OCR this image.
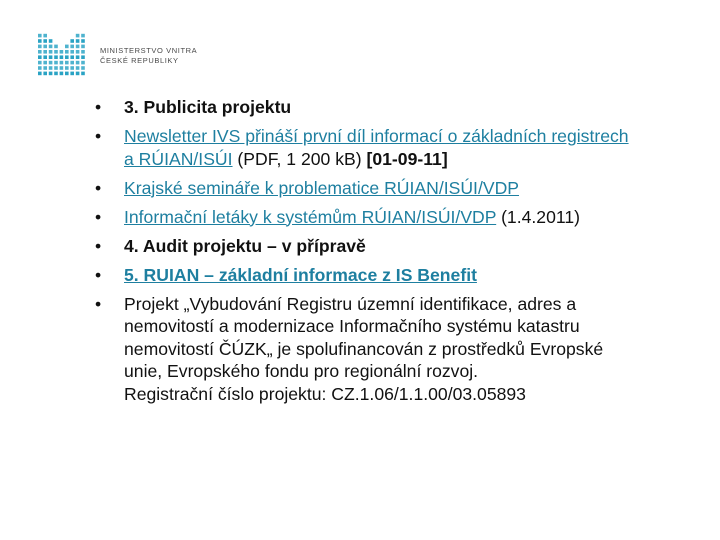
MINISTERSTVO VNITRA
ČESKÉ REPUBLIKY
• 3. Publicita projektu
• Newsletter IVS přináší první díl informací o základních registrech a RÚIAN/ISÚI (PDF, 1 200 kB) [01-09-11]
• Krajské semináře k problematice RÚIAN/ISÚI/VDP
• Informační letáky k systémům RÚIAN/ISÚI/VDP (1.4.2011)
• 4. Audit projektu – v přípravě
• 5. RUIAN – základní informace z IS Benefit
• Projekt „Vybudování Registru územní identifikace, adres a nemovitostí a modernizace Informačního systému katastru nemovitostí ČÚZK„ je spolufinancován z prostředků Evropské unie, Evropského fondu pro regionální rozvoj.
Registrační číslo projektu: CZ.1.06/1.1.00/03.05893
